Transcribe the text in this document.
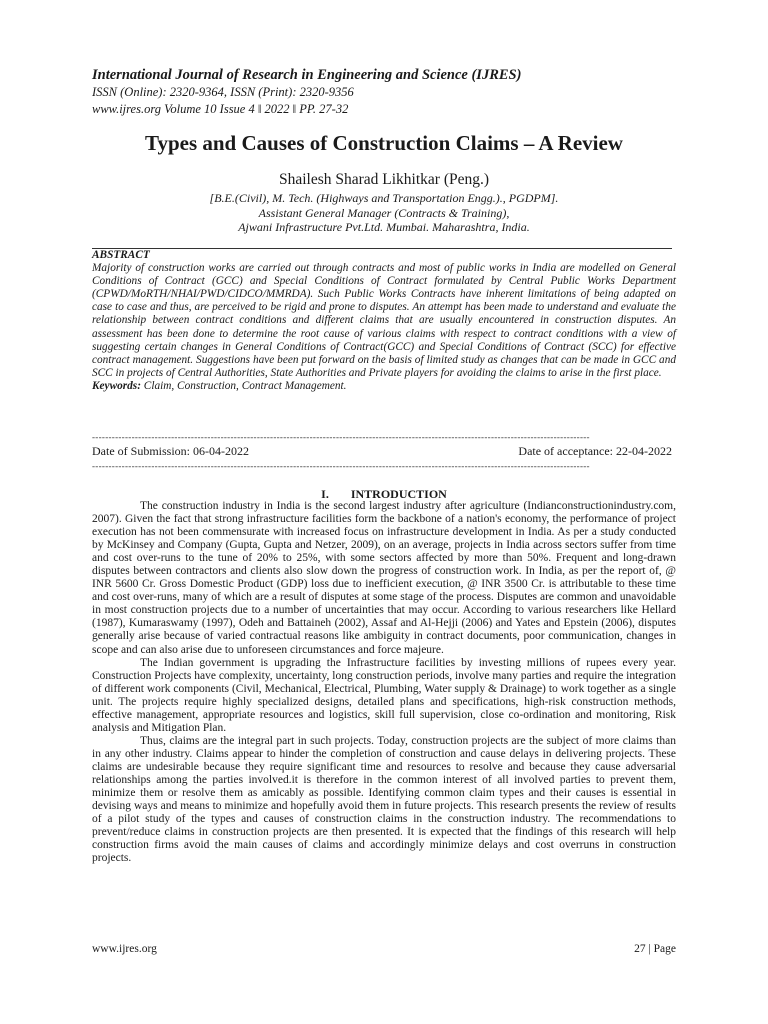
International Journal of Research in Engineering and Science (IJRES)
ISSN (Online): 2320-9364, ISSN (Print): 2320-9356
www.ijres.org Volume 10 Issue 4 ǁ 2022 ǁ PP. 27-32
Types and Causes of Construction Claims – A Review
Shailesh Sharad Likhitkar (Peng.)
[B.E.(Civil), M. Tech. (Highways and Transportation Engg.)., PGDPM].
Assistant General Manager (Contracts & Training),
Ajwani Infrastructure Pvt.Ltd. Mumbai. Maharashtra, India.
ABSTRACT

Majority of construction works are carried out through contracts and most of public works in India are modelled on General Conditions of Contract (GCC) and Special Conditions of Contract formulated by Central Public Works Department (CPWD/MoRTH/NHAI/PWD/CIDCO/MMRDA). Such Public Works Contracts have inherent limitations of being adapted on case to case and thus, are perceived to be rigid and prone to disputes. An attempt has been made to understand and evaluate the relationship between contract conditions and different claims that are usually encountered in construction disputes. An assessment has been done to determine the root cause of various claims with respect to contract conditions with a view of suggesting certain changes in General Conditions of Contract(GCC) and Special Conditions of Contract (SCC) for effective contract management. Suggestions have been put forward on the basis of limited study as changes that can be made in GCC and SCC in projects of Central Authorities, State Authorities and Private players for avoiding the claims to arise in the first place.

Keywords: Claim, Construction, Contract Management.

-------------------------------------------------------------------------------------------------------------------------------------------------------
Date of Submission: 06-04-2022	Date of acceptance: 22-04-2022
-------------------------------------------------------------------------------------------------------------------------------------------------------
I. INTRODUCTION

The construction industry in India is the second largest industry after agriculture (Indianconstructionindustry.com, 2007). Given the fact that strong infrastructure facilities form the backbone of a nation's economy, the performance of project execution has not been commensurate with increased focus on infrastructure development in India. As per a study conducted by McKinsey and Company (Gupta, Gupta and Netzer, 2009), on an average, projects in India across sectors suffer from time and cost over-runs to the tune of 20% to 25%, with some sectors affected by more than 50%. Frequent and long-drawn disputes between contractors and clients also slow down the progress of construction work. In India, as per the report of, @ INR 5600 Cr. Gross Domestic Product (GDP) loss due to inefficient execution, @ INR 3500 Cr. is attributable to these time and cost over-runs, many of which are a result of disputes at some stage of the process. Disputes are common and unavoidable in most construction projects due to a number of uncertainties that may occur. According to various researchers like Hellard (1987), Kumaraswamy (1997), Odeh and Battaineh (2002), Assaf and Al-Hejji (2006) and Yates and Epstein (2006), disputes generally arise because of varied contractual reasons like ambiguity in contract documents, poor communication, changes in scope and can also arise due to unforeseen circumstances and force majeure.

The Indian government is upgrading the Infrastructure facilities by investing millions of rupees every year. Construction Projects have complexity, uncertainty, long construction periods, involve many parties and require the integration of different work components (Civil, Mechanical, Electrical, Plumbing, Water supply & Drainage) to work together as a single unit. The projects require highly specialized designs, detailed plans and specifications, high-risk construction methods, effective management, appropriate resources and logistics, skill full supervision, close co-ordination and monitoring, Risk analysis and Mitigation Plan.

Thus, claims are the integral part in such projects. Today, construction projects are the subject of more claims than in any other industry. Claims appear to hinder the completion of construction and cause delays in delivering projects. These claims are undesirable because they require significant time and resources to resolve and because they cause adversarial relationships among the parties involved.it is therefore in the common interest of all involved parties to prevent them, minimize them or resolve them as amicably as possible. Identifying common claim types and their causes is essential in devising ways and means to minimize and hopefully avoid them in future projects. This research presents the review of results of a pilot study of the types and causes of construction claims in the construction industry. The recommendations to prevent/reduce claims in construction projects are then presented. It is expected that the findings of this research will help construction firms avoid the main causes of claims and accordingly minimize delays and cost overruns in construction projects.

www.ijres.org	27 | Page
